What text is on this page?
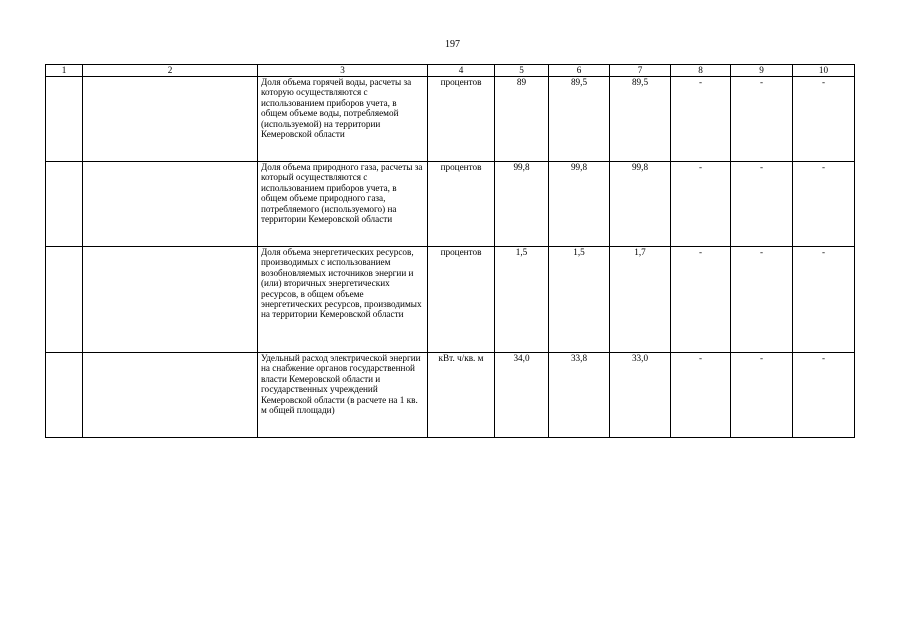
197
1	2	3	4	5	6	7	8	9	10
		Доля объема горячей воды, расчеты за которую осуществляются с использованием приборов учета, в общем объеме воды, потребляемой (используемой) на территории Кемеровской области	процентов	89	89,5	89,5	-	-	-
		Доля объема природного газа, расчеты за который осуществляются с использованием приборов учета, в общем объеме природного газа, потребляемого (используемого) на территории Кемеровской области	процентов	99,8	99,8	99,8	-	-	-
		Доля объема энергетических ресурсов, производимых с использованием возобновляемых источников энергии и (или) вторичных энергетических ресурсов, в общем объеме энергетических ресурсов, производимых на территории Кемеровской области	процентов	1,5	1,5	1,7	-	-	-
		Удельный расход электрической энергии на снабжение органов государственной власти Кемеровской области и государственных учреждений Кемеровской области (в расчете на 1 кв. м общей площади)	кВт. ч/кв. м	34,0	33,8	33,0	-	-	-
